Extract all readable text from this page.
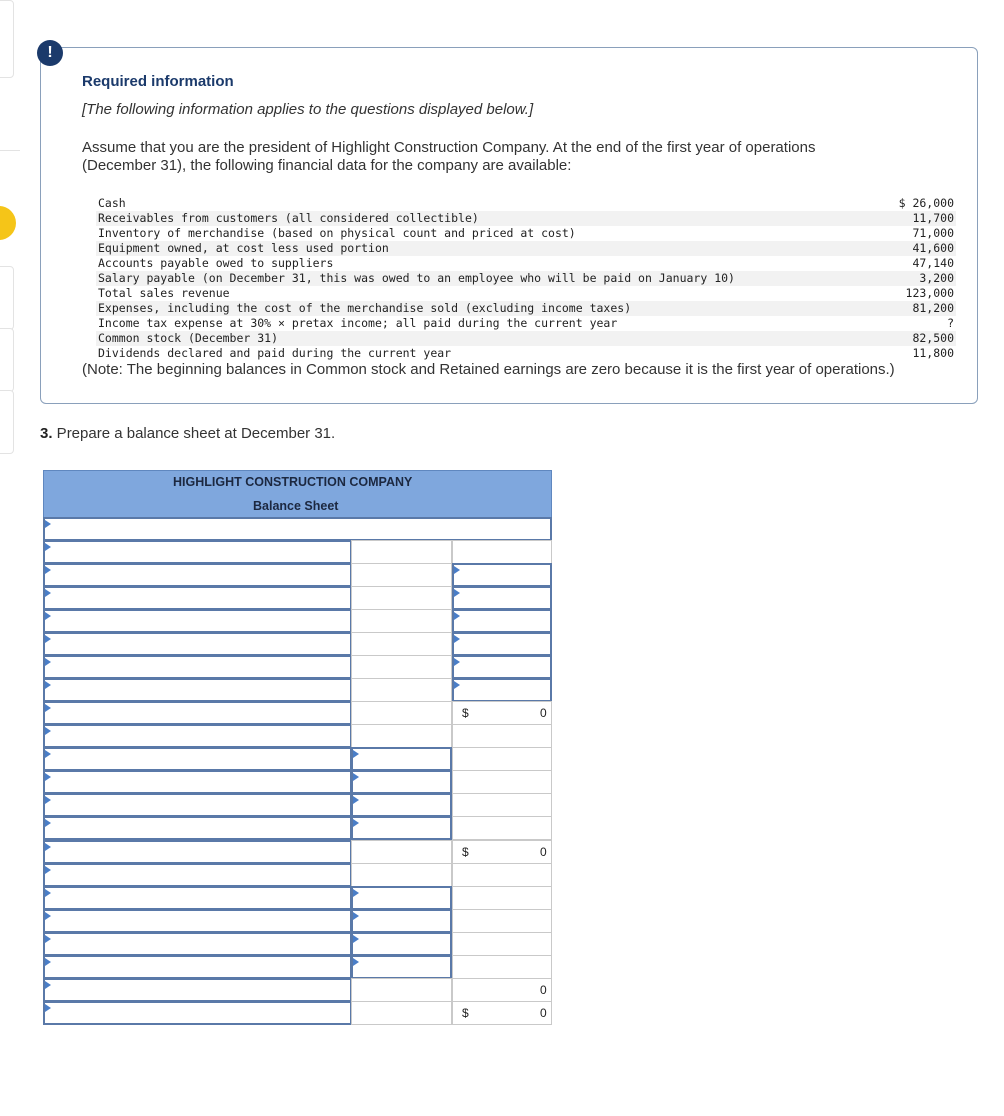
!
Required information
[The following information applies to the questions displayed below.]
Assume that you are the president of Highlight Construction Company. At the end of the first year of operations (December 31), the following financial data for the company are available:
Cash	$ 26,000
Receivables from customers (all considered collectible)	11,700
Inventory of merchandise (based on physical count and priced at cost)	71,000
Equipment owned, at cost less used portion	41,600
Accounts payable owed to suppliers	47,140
Salary payable (on December 31, this was owed to an employee who will be paid on January 10)	3,200
Total sales revenue	123,000
Expenses, including the cost of the merchandise sold (excluding income taxes)	81,200
Income tax expense at 30% × pretax income; all paid during the current year	?
Common stock (December 31)	82,500
Dividends declared and paid during the current year	11,800
(Note: The beginning balances in Common stock and Retained earnings are zero because it is the first year of operations.)
3. Prepare a balance sheet at December 31.
HIGHLIGHT CONSTRUCTION COMPANY
Balance Sheet
$	0
$	0
0
$	0
